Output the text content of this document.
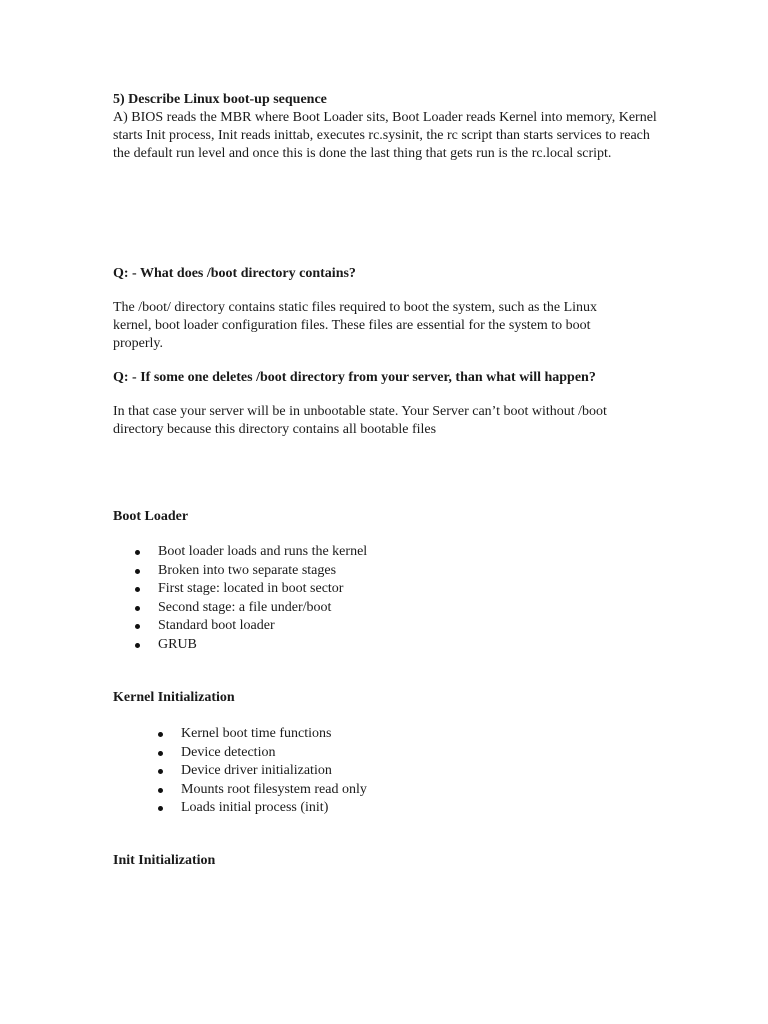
5) Describe Linux boot-up sequence
A) BIOS reads the MBR where Boot Loader sits, Boot Loader reads Kernel into memory, Kernel starts Init process, Init reads inittab, executes rc.sysinit, the rc script than starts services to reach the default run level and once this is done the last thing that gets run is the rc.local script.
Q: - What does /boot directory contains?
The /boot/ directory contains static files required to boot the system, such as the Linux kernel, boot loader configuration files. These files are essential for the system to boot properly.
Q: - If some one deletes /boot directory from your server, than what will happen?
In that case your server will be in unbootable state. Your Server can’t boot without /boot directory because this directory contains all bootable files
Boot Loader
Boot loader loads and runs the kernel
Broken into two separate stages
First stage: located in boot sector
Second stage: a file under/boot
Standard boot loader
GRUB
Kernel Initialization
Kernel boot time functions
Device detection
Device driver initialization
Mounts root filesystem read only
Loads initial process (init)
Init Initialization
